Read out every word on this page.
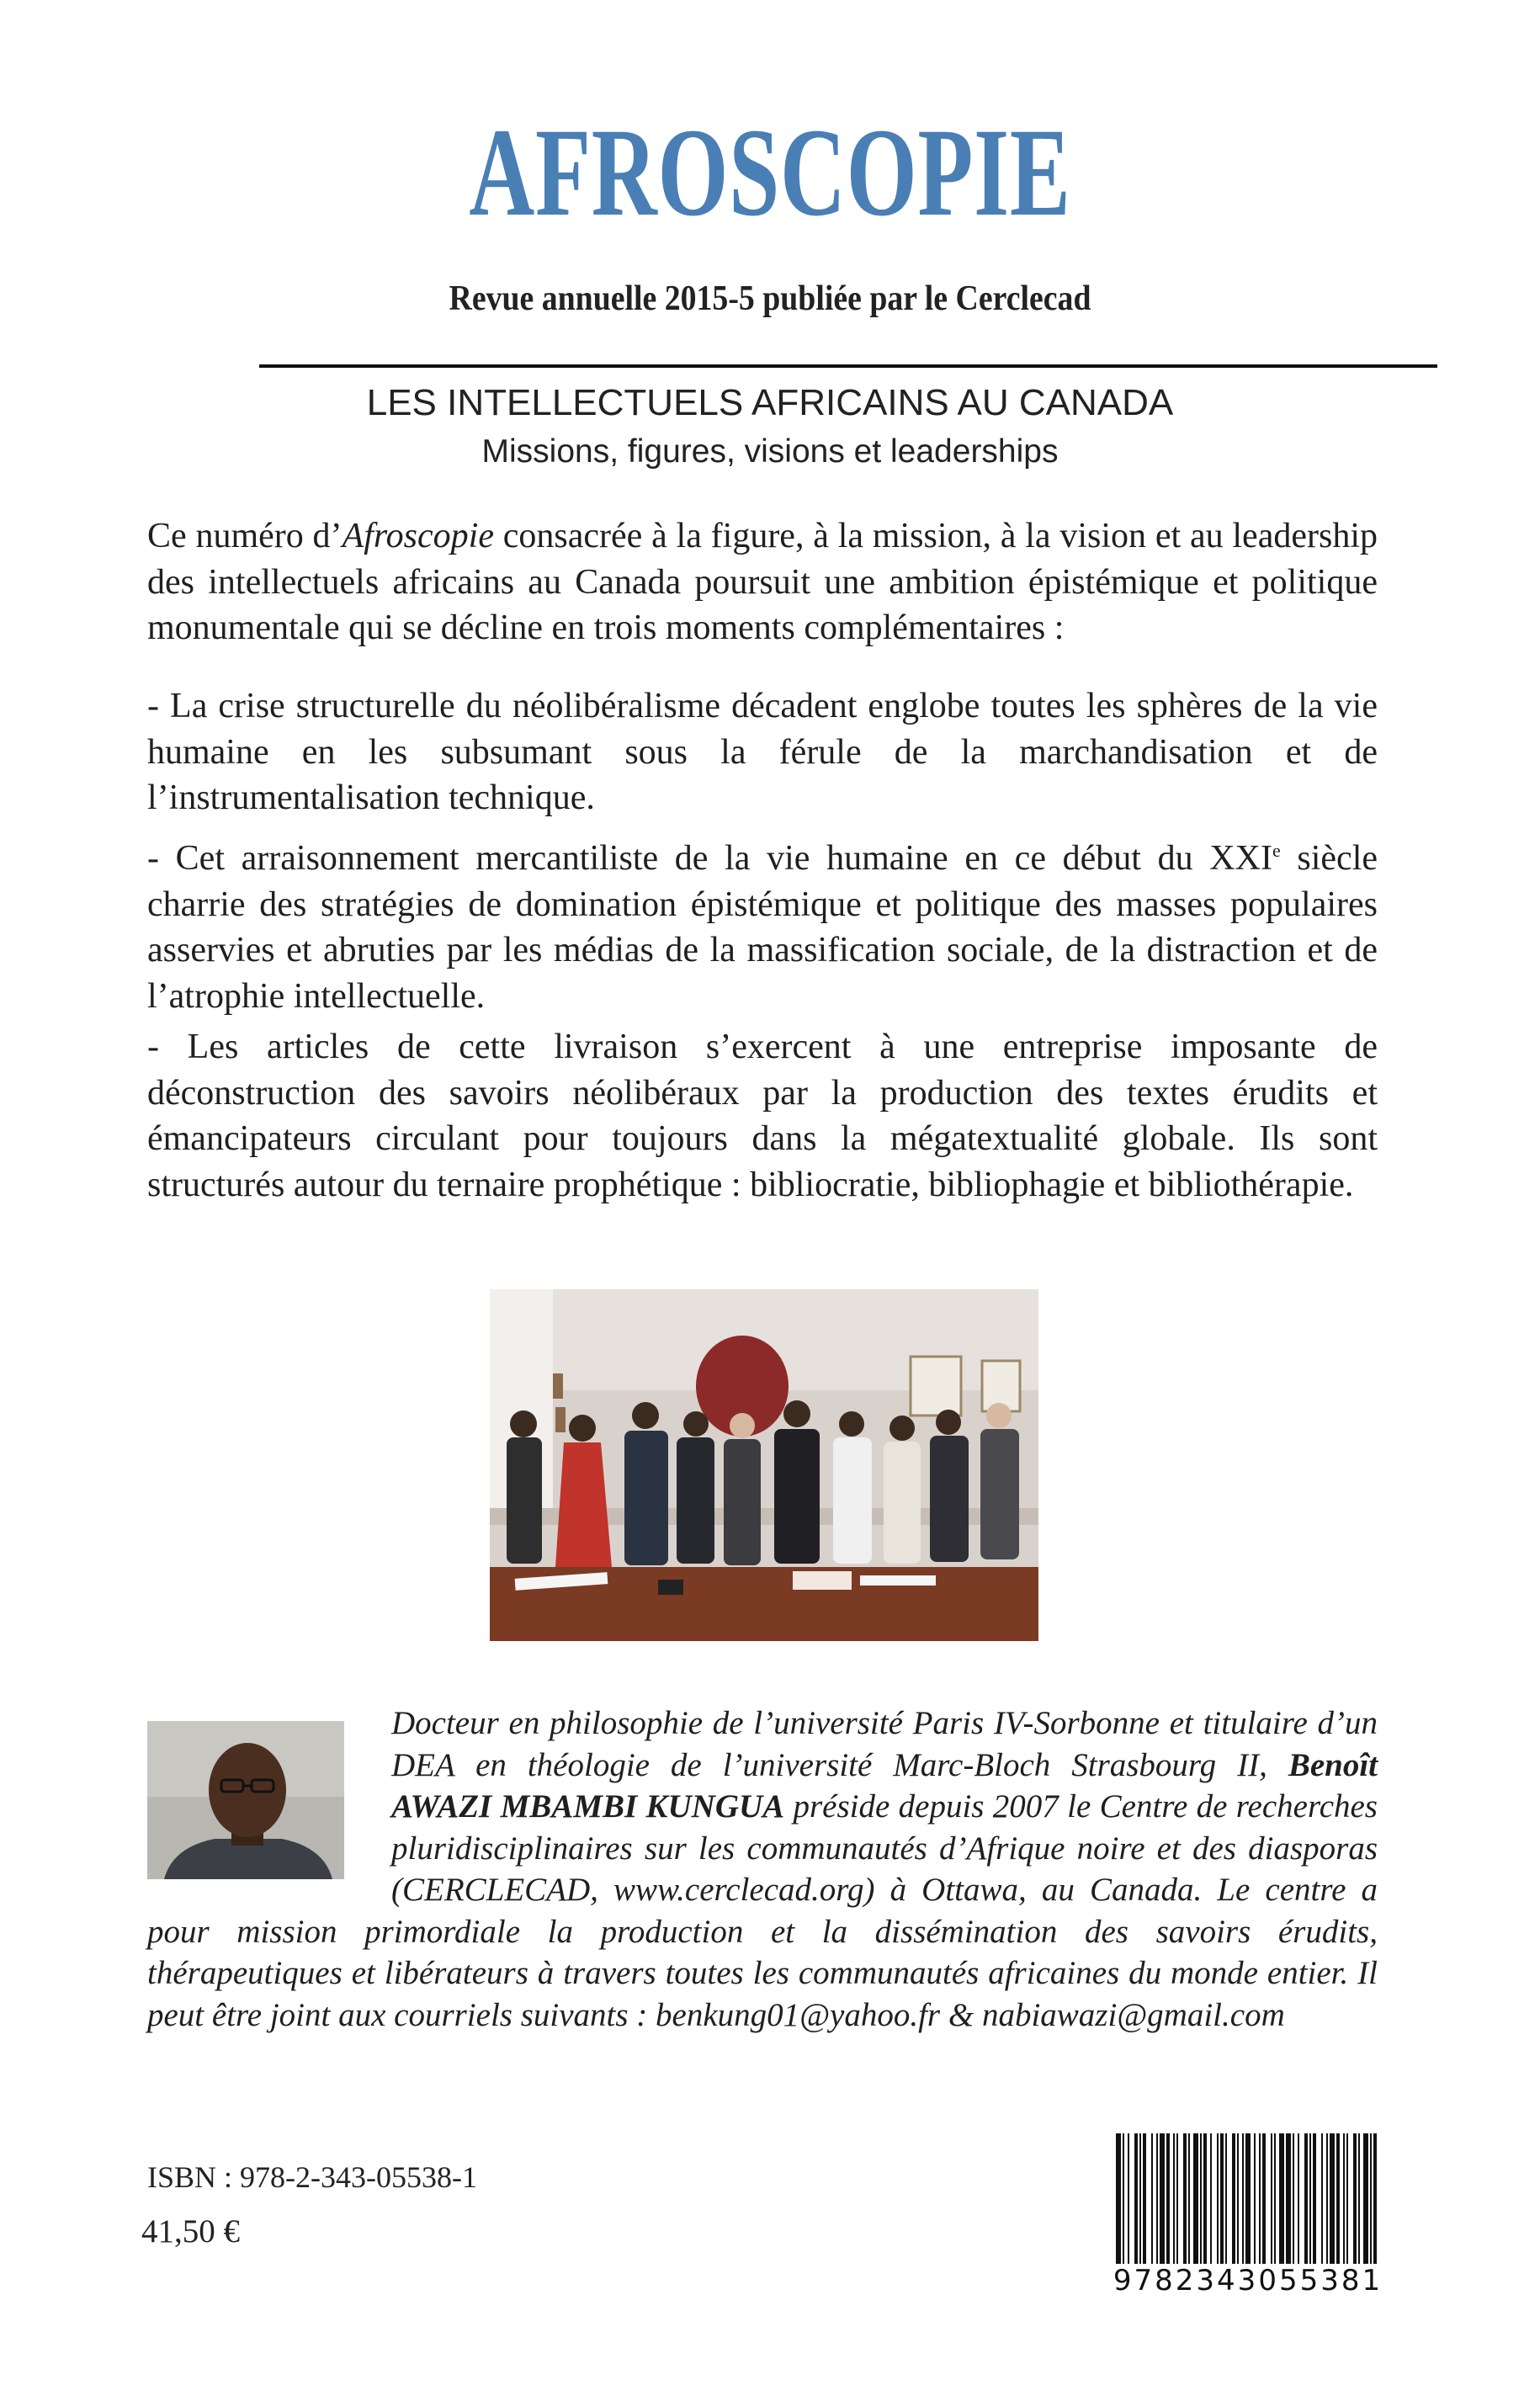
AFROSCOPIE
Revue annuelle 2015-5 publiée par le Cerclecad
LES INTELLECTUELS AFRICAINS AU CANADA
Missions, figures, visions et leaderships
Ce numéro d’Afroscopie consacrée à la figure, à la mission, à la vision et au leadership des intellectuels africains au Canada poursuit une ambition épistémique et politique monumentale qui se décline en trois moments complémentaires :
- La crise structurelle du néolibéralisme décadent englobe toutes les sphères de la vie humaine en les subsumant sous la férule de la marchandisation et de l’instrumentalisation technique.
- Cet arraisonnement mercantiliste de la vie humaine en ce début du XXIe siècle charrie des stratégies de domination épistémique et politique des masses populaires asservies et abruties par les médias de la massification sociale, de la distraction et de l’atrophie intellectuelle.
- Les articles de cette livraison s’exercent à une entreprise imposante de déconstruction des savoirs néolibéraux par la production des textes érudits et émancipateurs circulant pour toujours dans la mégatextualité globale. Ils sont structurés autour du ternaire prophétique : bibliocratie, bibliophagie et bibliothérapie.
Docteur en philosophie de l’université Paris IV-Sorbonne et titulaire d’un DEA en théologie de l’université Marc-Bloch Strasbourg II, Benoît AWAZI MBAMBI KUNGUA préside depuis 2007 le Centre de recherches pluridisciplinaires sur les communautés d’Afrique noire et des diasporas (CERCLECAD, www.cerclecad.org) à Ottawa, au Canada. Le centre a pour mission primordiale la production et la dissémination des savoirs érudits, thérapeutiques et libérateurs à travers toutes les communautés africaines du monde entier. Il peut être joint aux courriels suivants : benkung01@yahoo.fr & nabiawazi@gmail.com
ISBN : 978-2-343-05538-1
41,50 €
9782343055381
